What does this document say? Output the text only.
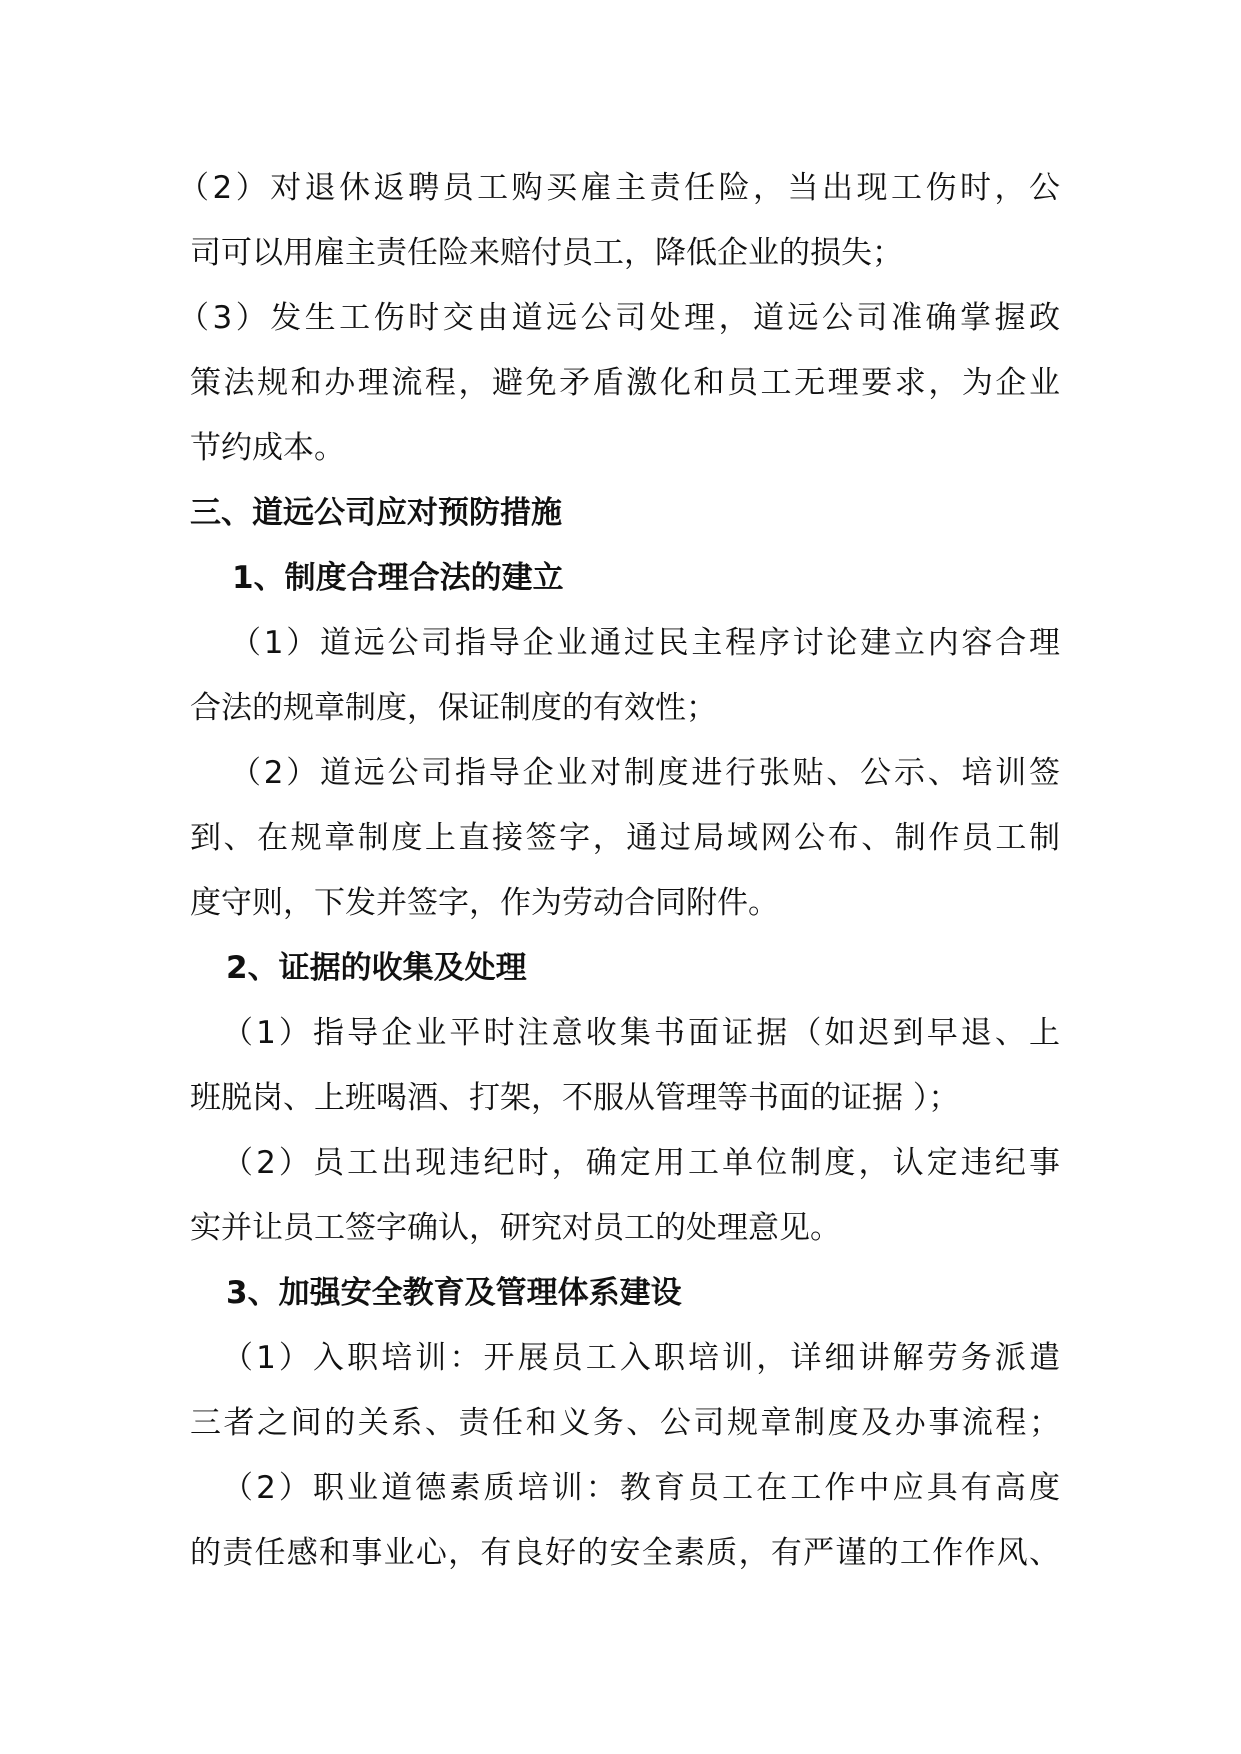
（2）对退休返聘员工购买雇主责任险，当出现工伤时，公
司可以用雇主责任险来赔付员工，降低企业的损失；
（3）发生工伤时交由道远公司处理，道远公司准确掌握政
策法规和办理流程，避免矛盾激化和员工无理要求，为企业
节约成本。
三、道远公司应对预防措施
1、制度合理合法的建立
（1）道远公司指导企业通过民主程序讨论建立内容合理
合法的规章制度，保证制度的有效性；
（2）道远公司指导企业对制度进行张贴、公示、培训签
到、在规章制度上直接签字，通过局域网公布、制作员工制
度守则，下发并签字，作为劳动合同附件。
2、证据的收集及处理
（1）指导企业平时注意收集书面证据（如迟到早退、上
班脱岗、上班喝酒、打架，不服从管理等书面的证据 ）；
（2）员工出现违纪时，确定用工单位制度，认定违纪事
实并让员工签字确认，研究对员工的处理意见。
3、加强安全教育及管理体系建设
（1）入职培训：开展员工入职培训，详细讲解劳务派遣
三者之间的关系、责任和义务、公司规章制度及办事流程；
（2）职业道德素质培训：教育员工在工作中应具有高度
的责任感和事业心，有良好的安全素质，有严谨的工作作风、
